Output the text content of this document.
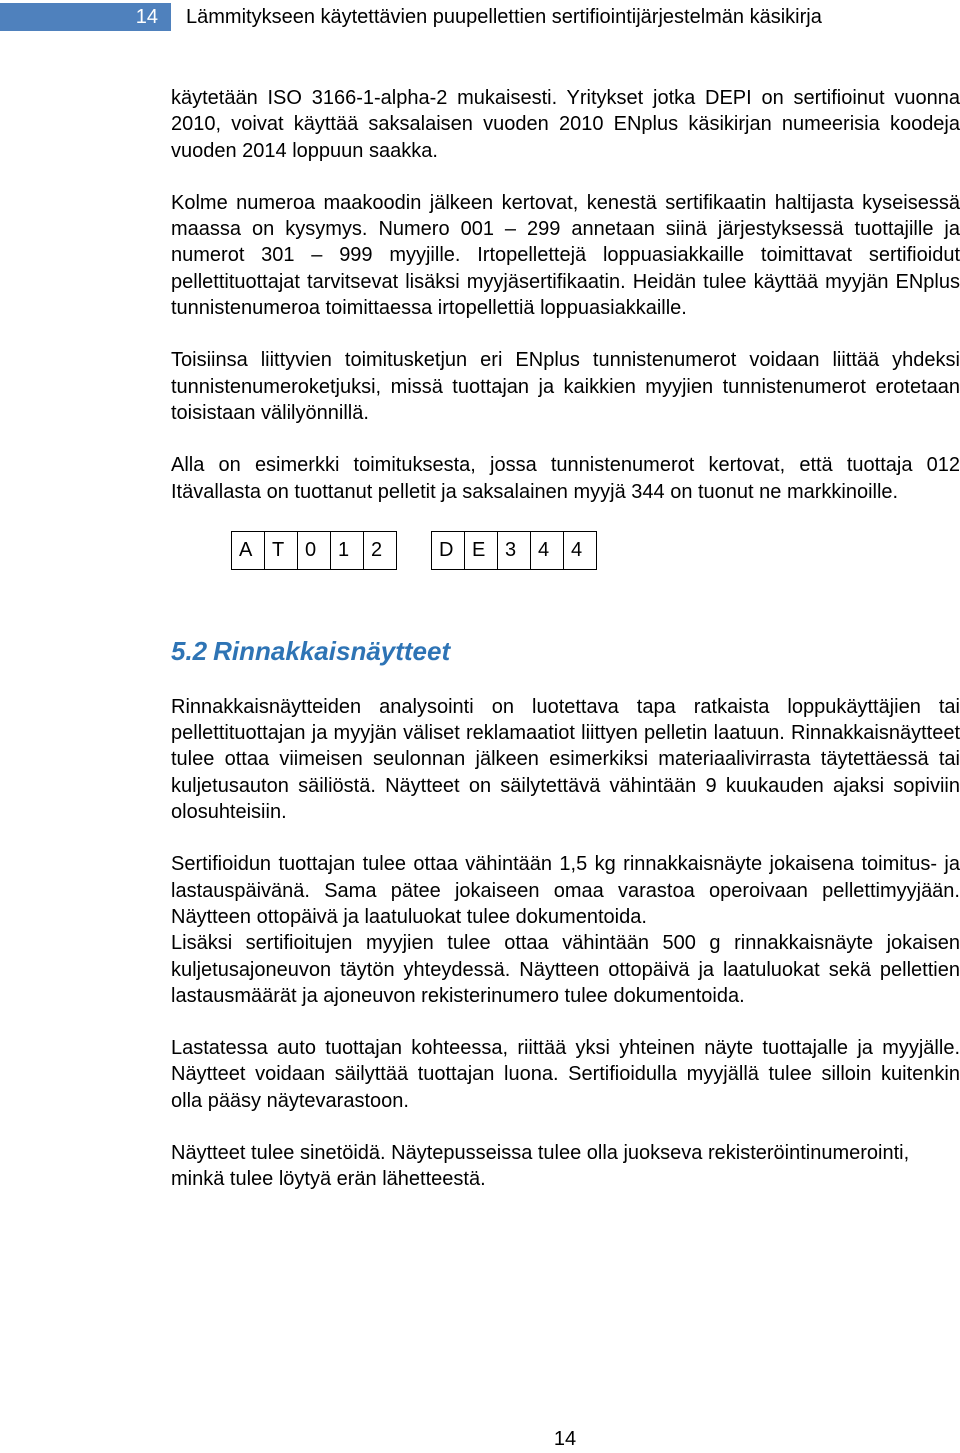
14 Lämmitykseen käytettävien puupellettien sertifiointijärjestelmän käsikirja

käytetään ISO 3166-1-alpha-2 mukaisesti. Yritykset jotka DEPI on sertifioinut vuonna 2010, voivat käyttää saksalaisen vuoden 2010 ENplus käsikirjan numeerisia koodeja vuoden 2014 loppuun saakka.

Kolme numeroa maakoodin jälkeen kertovat, kenestä sertifikaatin haltijasta kyseisessä maassa on kysymys. Numero 001 – 299 annetaan siinä järjestyksessä tuottajille ja numerot 301 – 999 myyjille. Irtopellettejä loppuasiakkaille toimittavat sertifioidut pellettituottajat tarvitsevat lisäksi myyjäsertifikaatin. Heidän tulee käyttää myyjän ENplus tunnistenumeroa toimittaessa irtopellettiä loppuasiakkaille.

Toisiinsa liittyvien toimitusketjun eri ENplus tunnistenumerot voidaan liittää yhdeksi tunnistenumeroketjuksi, missä tuottajan ja kaikkien myyjien tunnistenumerot erotetaan toisistaan välilyönnillä.

Alla on esimerkki toimituksesta, jossa tunnistenumerot kertovat, että tuottaja 012 Itävallasta on tuottanut pelletit ja saksalainen myyjä 344 on tuonut ne markkinoille.

A T	0	1	2	D E 3	4	4
5.2 Rinnakkaisnäytteet

Rinnakkaisnäytteiden analysointi on luotettava tapa ratkaista loppukäyttäjien tai pellettituottajan ja myyjän väliset reklamaatiot liittyen pelletin laatuun. Rinnakkaisnäytteet tulee ottaa viimeisen seulonnan jälkeen esimerkiksi materiaalivirrasta täytettäessä tai kuljetusauton säiliöstä. Näytteet on säilytettävä vähintään 9 kuukauden ajaksi sopiviin olosuhteisiin.

Sertifioidun tuottajan tulee ottaa vähintään 1,5 kg rinnakkaisnäyte jokaisena toimitus- ja lastauspäivänä. Sama pätee jokaiseen omaa varastoa operoivaan pellettimyyjään. Näytteen ottopäivä ja laatuluokat tulee dokumentoida.

Lisäksi sertifioitujen myyjien tulee ottaa vähintään 500 g rinnakkaisnäyte jokaisen kuljetusajoneuvon täytön yhteydessä. Näytteen ottopäivä ja laatuluokat sekä pellettien lastausmäärät ja ajoneuvon rekisterinumero tulee dokumentoida.

Lastatessa auto tuottajan kohteessa, riittää yksi yhteinen näyte tuottajalle ja myyjälle. Näytteet voidaan säilyttää tuottajan luona. Sertifioidulla myyjällä tulee silloin kuitenkin olla pääsy näytevarastoon.

Näytteet tulee sinetöidä. Näytepusseissa tulee olla juokseva rekisteröintinumerointi, minkä tulee löytyä erän lähetteestä.

14
